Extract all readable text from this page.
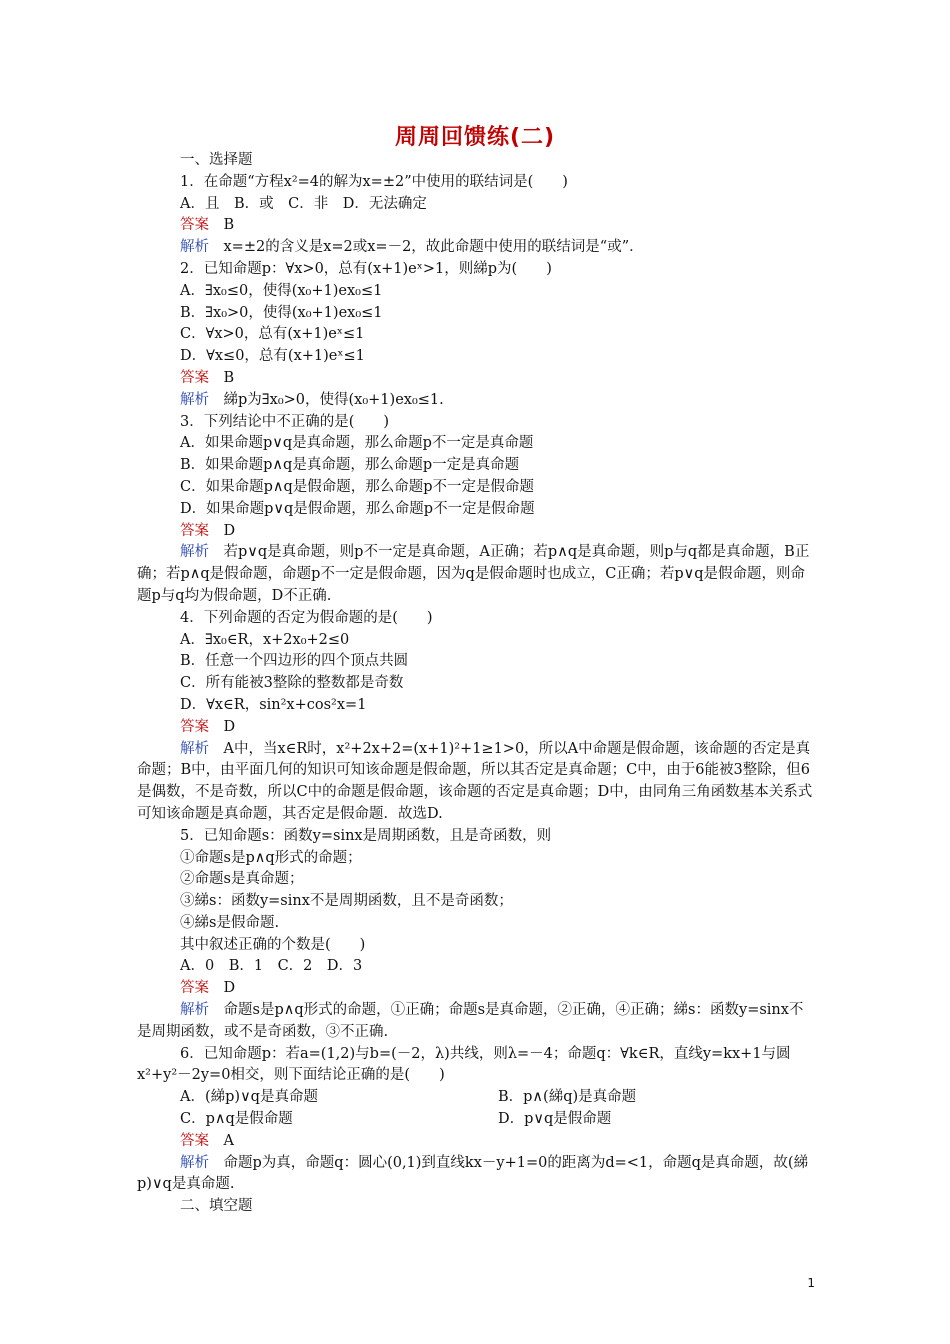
周周回馈练(二)
一、选择题
1．在命题“方程x²=4的解为x=±2”中使用的联结词是(　　)
A．且　B．或　C．非　D．无法确定
答案　 B
解析　 x=±2的含义是x=2或x=－2，故此命题中使用的联结词是“或”．
2．已知命题p：∀x>0，总有(x+1)eˣ>1，则綈p为(　　)
A．∃x₀≤0，使得(x₀+1)ex₀≤1
B．∃x₀>0，使得(x₀+1)ex₀≤1
C．∀x>0，总有(x+1)eˣ≤1
D．∀x≤0，总有(x+1)eˣ≤1
答案　 B
解析　 綈p为∃x₀>0，使得(x₀+1)ex₀≤1.
3．下列结论中不正确的是(　　)
A．如果命题p∨q是真命题，那么命题p不一定是真命题
B．如果命题p∧q是真命题，那么命题p一定是真命题
C．如果命题p∧q是假命题，那么命题p不一定是假命题
D．如果命题p∨q是假命题，那么命题p不一定是假命题
答案　 D
解析　 若p∨q是真命题，则p不一定是真命题，A正确；若p∧q是真命题，则p与q都是真命题，B正确；若p∧q是假命题，命题p不一定是假命题，因为q是假命题时也成立，C正确；若p∨q是假命题，则命题p与q均为假命题，D不正确.
4．下列命题的否定为假命题的是(　　)
A．∃x₀∈R，x+2x₀+2≤0
B．任意一个四边形的四个顶点共圆
C．所有能被3整除的整数都是奇数
D．∀x∈R，sin²x+cos²x=1
答案　 D
解析　 A中，当x∈R时，x²+2x+2=(x+1)²+1≥1>0，所以A中命题是假命题，该命题的否定是真命题；B中，由平面几何的知识可知该命题是假命题，所以其否定是真命题；C中，由于6能被3整除，但6是偶数，不是奇数，所以C中的命题是假命题，该命题的否定是真命题；D中，由同角三角函数基本关系式可知该命题是真命题，其否定是假命题．故选D.
5．已知命题s：函数y=sinx是周期函数，且是奇函数，则
①命题s是p∧q形式的命题；
②命题s是真命题；
③綈s：函数y=sinx不是周期函数，且不是奇函数；
④綈s是假命题.
其中叙述正确的个数是(　　)
A．0　B．1　C．2　D．3
答案　 D
解析　 命题s是p∧q形式的命题，①正确；命题s是真命题，②正确，④正确；綈s：函数y=sinx不是周期函数，或不是奇函数，③不正确.
6．已知命题p：若a=(1,2)与b=(－2，λ)共线，则λ=－4；命题q：∀k∈R，直线y=kx+1与圆x²+y²－2y=0相交，则下面结论正确的是(　　)
A．(綈p)∨q是真命题	B．p∧(綈q)是真命题
C．p∧q是假命题	D．p∨q是假命题
答案　 A
解析　 命题p为真，命题q：圆心(0,1)到直线kx－y+1=0的距离为d=<1，命题q是真命题，故(綈p)∨q是真命题.
二、填空题
1
